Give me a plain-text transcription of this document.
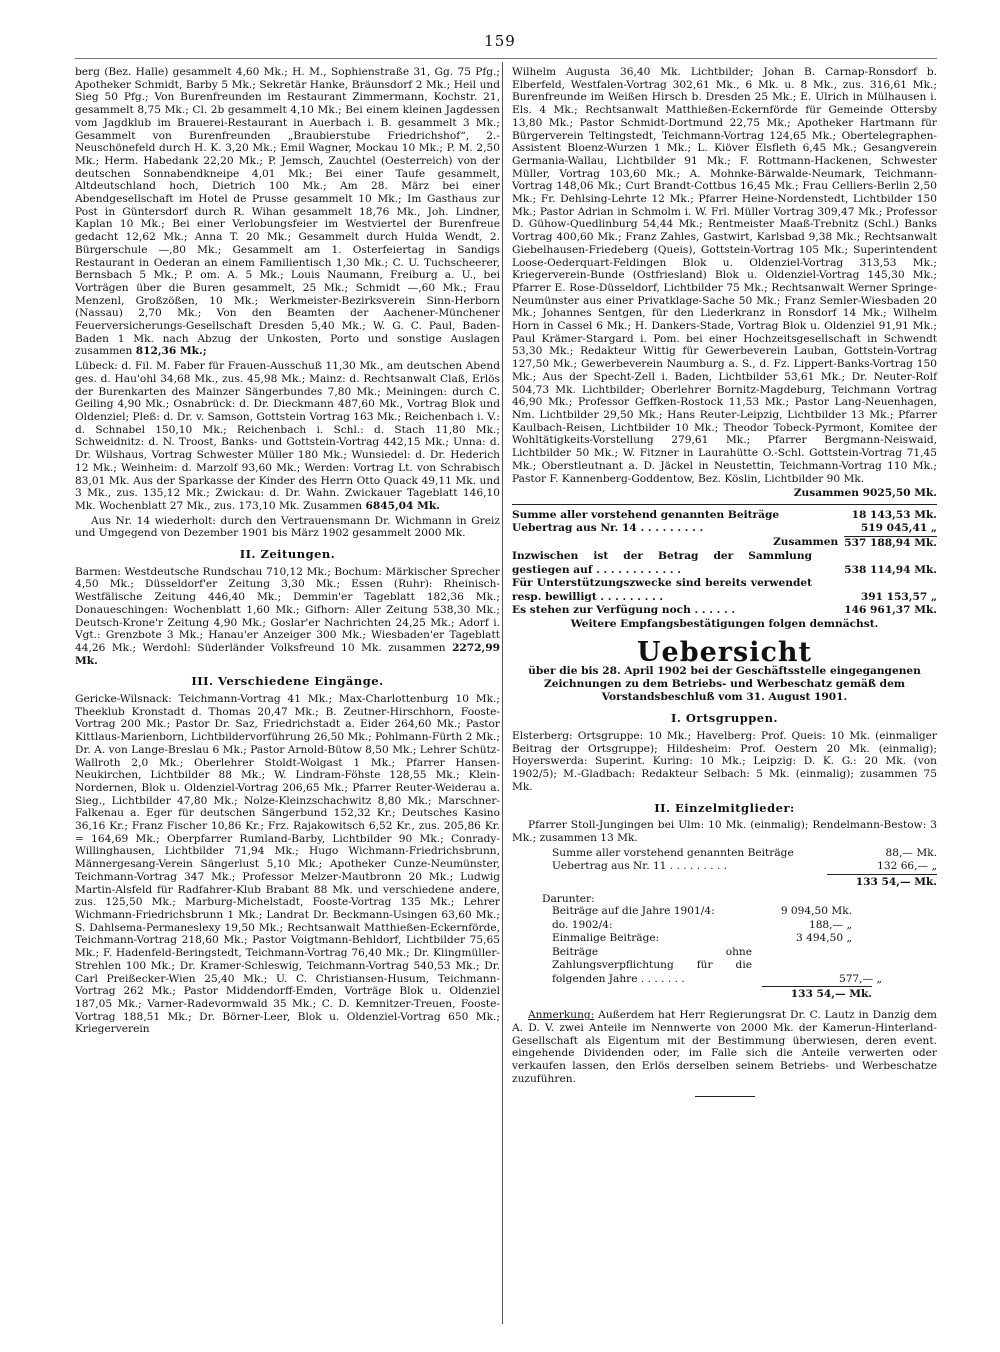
159

berg (Bez. Halle) gesammelt 4,60 Mk.; H. M., Sophienstraße 31, Gg. 75 Pfg.; Apotheker Schmidt, Barby 5 Mk.; Sekretär Hanke, Bräunsdorf 2 Mk.; Heil und Sieg 50 Pfg.; Von Burenfreunden im Restaurant Zimmermann, Kochstr. 21, gesammelt 8,75 Mk.; Cl. 2b gesammelt 4,10 Mk.; Bei einem kleinen Jagdessen vom Jagdklub im Brauerei-Restaurant in Auerbach i. B. gesammelt 3 Mk.; Gesammelt von Burenfreunden „Braubierstube Friedrichshof“, 2.-Neuschönefeld durch H. K. 3,20 Mk.; Emil Wagner, Mockau 10 Mk.; P. M. 2,50 Mk.; Herm. Habedank 22,20 Mk.; P. Jemsch, Zauchtel (Oesterreich) von der deutschen Sonnabendkneipe 4,01 Mk.; Bei einer Taufe gesammelt, Altdeutschland hoch, Dietrich 100 Mk.; Am 28. März bei einer Abendgesellschaft im Hotel de Prusse gesammelt 10 Mk.; Im Gasthaus zur Post in Güntersdorf durch R. Wihan gesammelt 18,76 Mk., Joh. Lindner, Kaplan 10 Mk.; Bei einer Verlobungsfeier im Westviertel der Burenfreue gedacht 12,62 Mk.; Anna T. 20 Mk.; Gesammelt durch Hulda Wendt, 2. Bürgerschule —,80 Mk.; Gesammelt am 1. Osterfeiertag in Sandigs Restaurant in Oederan an einem Familientisch 1,30 Mk.; C. U. Tuchscheerer, Bernsbach 5 Mk.; P. om. A. 5 Mk.; Louis Naumann, Freiburg a. U., bei Vorträgen über die Buren gesammelt, 25 Mk.; Schmidt —,60 Mk.; Frau Menzenl, Großzößen, 10 Mk.; Werkmeister-Bezirksverein Sinn-Herborn (Nassau) 2,70 Mk.; Von den Beamten der Aachener-Münchener Feuerversicherungs-Gesellschaft Dresden 5,40 Mk.; W. G. C. Paul, Baden-Baden 1 Mk. nach Abzug der Unkosten, Porto und sonstige Auslagen zusammen 812,36 Mk.;

Lübeck: d. Fil. M. Faber für Frauen-Ausschuß 11,30 Mk., am deutschen Abend ges. d. Hau'ohl 34,68 Mk., zus. 45,98 Mk.; Mainz: d. Rechtsanwalt Claß, Erlös der Burenkarten des Mainzer Sängerbundes 7,80 Mk.; Meiningen: durch C. Geiling 4,90 Mk.; Osnabrück: d. Dr. Dieckmann 487,60 Mk., Vortrag Blok und Oldenziel; Pleß: d. Dr. v. Samson, Gottstein Vortrag 163 Mk.; Reichenbach i. V.: d. Schnabel 150,10 Mk.; Reichenbach i. Schl.: d. Stach 11,80 Mk.; Schweidnitz: d. N. Troost, Banks- und Gottstein-Vortrag 442,15 Mk.; Unna: d. Dr. Wilshaus, Vortrag Schwester Müller 180 Mk.; Wunsiedel: d. Dr. Hederich 12 Mk.; Weinheim: d. Marzolf 93,60 Mk.; Werden: Vortrag Lt. von Schrabisch 83,01 Mk. Aus der Sparkasse der Kinder des Herrn Otto Quack 49,11 Mk. und 3 Mk., zus. 135,12 Mk.; Zwickau: d. Dr. Wahn. Zwickauer Tageblatt 146,10 Mk. Wochenblatt 27 Mk., zus. 173,10 Mk. Zusammen 6845,04 Mk.

Aus Nr. 14 wiederholt: durch den Vertrauensmann Dr. Wichmann in Greiz und Umgegend von Dezember 1901 bis März 1902 gesammelt 2000 Mk.

II. Zeitungen.

Barmen: Westdeutsche Rundschau 710,12 Mk.; Bochum: Märkischer Sprecher 4,50 Mk.; Düsseldorf'er Zeitung 3,30 Mk.; Essen (Ruhr): Rheinisch-Westfälische Zeitung 446,40 Mk.; Demmin'er Tageblatt 182,36 Mk.; Donaueschingen: Wochenblatt 1,60 Mk.; Gifhorn: Aller Zeitung 538,30 Mk.; Deutsch-Krone'r Zeitung 4,90 Mk.; Goslar'er Nachrichten 24,25 Mk.; Adorf i. Vgt.: Grenzbote 3 Mk.; Hanau'er Anzeiger 300 Mk.; Wiesbaden'er Tageblatt 44,26 Mk.; Werdohl: Süderländer Volksfreund 10 Mk. zusammen 2272,99 Mk.

III. Verschiedene Eingänge.

Gericke-Wilsnack: Teichmann-Vortrag 41 Mk.; Max-Charlottenburg 10 Mk.; Theeklub Kronstadt d. Thomas 20,47 Mk.; B. Zeutner-Hirschhorn, Fooste-Vortrag 200 Mk.; Pastor Dr. Saz, Friedrichstadt a. Eider 264,60 Mk.; Pastor Kittlaus-Marienborn, Lichtbildervorführung 26,50 Mk.; Pohlmann-Fürth 2 Mk.; Dr. A. von Lange-Breslau 6 Mk.; Pastor Arnold-Bütow 8,50 Mk.; Lehrer Schütz-Wallroth 2,0 Mk.; Oberlehrer Stoldt-Wolgast 1 Mk.; Pfarrer Hansen-Neukirchen, Lichtbilder 88 Mk.; W. Lindram-Föhste 128,55 Mk.; Klein-Nordernen, Blok u. Oldenziel-Vortrag 206,65 Mk.; Pfarrer Reuter-Weiderau a. Sieg., Lichtbilder 47,80 Mk.; Nolze-Kleinzschachwitz 8,80 Mk.; Marschner-Falkenau a. Eger für deutschen Sängerbund 152,32 Kr.; Deutsches Kasino 36,16 Kr.; Franz Fischer 10,86 Kr.; Frz. Rajakowitsch 6,52 Kr., zus. 205,86 Kr. = 164,69 Mk.; Oberpfarrer Rumland-Barby, Lichtbilder 90 Mk.; Conrady-Willinghausen, Lichtbilder 71,94 Mk.; Hugo Wichmann-Friedrichsbrunn, Männergesang-Verein Sängerlust 5,10 Mk.; Apotheker Cunze-Neumünster, Teichmann-Vortrag 347 Mk.; Professor Melzer-Mautbronn 20 Mk.; Ludwig Martin-Alsfeld für Radfahrer-Klub Brabant 88 Mk. und verschiedene andere, zus. 125,50 Mk.; Marburg-Michelstadt, Fooste-Vortrag 135 Mk.; Lehrer Wichmann-Friedrichsbrunn 1 Mk.; Landrat Dr. Beckmann-Usingen 63,60 Mk.; S. Dahlsema-Permaneslexy 19,50 Mk.; Rechtsanwalt Matthießen-Eckernförde, Teichmann-Vortrag 218,60 Mk.; Pastor Voigtmann-Behldorf, Lichtbilder 75,65 Mk.; F. Hadenfeld-Beringstedt, Teichmann-Vortrag 76,40 Mk.; Dr. Klingmüller-Strehlen 100 Mk.; Dr. Kramer-Schleswig, Teichmann-Vortrag 540,53 Mk.; Dr. Carl Preißecker-Wien 25,40 Mk.; U. C. Christiansen-Husum, Teichmann-Vortrag 262 Mk.; Pastor Middendorff-Emden, Vorträge Blok u. Oldenziel 187,05 Mk.; Varner-Radevormwald 35 Mk.; C. D. Kemnitzer-Treuen, Fooste-Vortrag 188,51 Mk.; Dr. Börner-Leer, Blok u. Oldenziel-Vortrag 650 Mk.; Kriegerverein

Wilhelm Augusta 36,40 Mk. Lichtbilder; Johan B. Carnap-Ronsdorf b. Elberfeld, Westfalen-Vortrag 302,61 Mk., 6 Mk. u. 8 Mk., zus. 316,61 Mk.; Burenfreunde im Weißen Hirsch b. Dresden 25 Mk.; E. Ulrich in Mülhausen i. Els. 4 Mk.; Rechtsanwalt Matthießen-Eckernförde für Gemeinde Ottersby 13,80 Mk.; Pastor Schmidt-Dortmund 22,75 Mk.; Apotheker Hartmann für Bürgerverein Teltingstedt, Teichmann-Vortrag 124,65 Mk.; Obertelegraphen-Assistent Bloenz-Wurzen 1 Mk.; L. Kiöver Elsfleth 6,45 Mk.; Gesangverein Germania-Wallau, Lichtbilder 91 Mk.; F. Rottmann-Hackenen, Schwester Müller, Vortrag 103,60 Mk.; A. Mohnke-Bärwalde-Neumark, Teichmann-Vortrag 148,06 Mk.; Curt Brandt-Cottbus 16,45 Mk.; Frau Celliers-Berlin 2,50 Mk.; Fr. Dehlsing-Lehrte 12 Mk.; Pfarrer Heine-Nordenstedt, Lichtbilder 150 Mk.; Pastor Adrian in Schmolm i. W. Frl. Müller Vortrag 309,47 Mk.; Professor D. Gühow-Quedlinburg 54,44 Mk.; Rentmeister Maaß-Trebnitz (Schl.) Banks Vortrag 400,60 Mk.; Franz Zahles, Gastwirt, Karlsbad 9,38 Mk.; Rechtsanwalt Giebelhausen-Friedeberg (Queis), Gottstein-Vortrag 105 Mk.; Superintendent Loose-Oederquart-Feldingen Blok u. Oldenziel-Vortrag 313,53 Mk.; Kriegerverein-Bunde (Ostfriesland) Blok u. Oldenziel-Vortrag 145,30 Mk.; Pfarrer E. Rose-Düsseldorf, Lichtbilder 75 Mk.; Rechtsanwalt Werner Springe-Neumünster aus einer Privatklage-Sache 50 Mk.; Franz Semler-Wiesbaden 20 Mk.; Johannes Sentgen, für den Liederkranz in Ronsdorf 14 Mk.; Wilhelm Horn in Cassel 6 Mk.; H. Dankers-Stade, Vortrag Blok u. Oldenziel 91,91 Mk.; Paul Krämer-Stargard i. Pom. bei einer Hochzeitsgesellschaft in Schwendt 53,30 Mk.; Redakteur Wittig für Gewerbeverein Lauban, Gottstein-Vortrag 127,50 Mk.; Gewerbeverein Naumburg a. S., d. Fz. Lippert-Banks-Vortrag 150 Mk.; Aus der Specht-Zell i. Baden, Lichtbilder 53,61 Mk.; Dr. Neuter-Rolf 504,73 Mk. Lichtbilder; Oberlehrer Bornitz-Magdeburg, Teichmann Vortrag 46,90 Mk.; Professor Geffken-Rostock 11,53 Mk.; Pastor Lang-Neuenhagen, Nm. Lichtbilder 29,50 Mk.; Hans Reuter-Leipzig, Lichtbilder 13 Mk.; Pfarrer Kaulbach-Reisen, Lichtbilder 10 Mk.; Theodor Tobeck-Pyrmont, Komitee der Wohltätigkeits-Vorstellung 279,61 Mk.; Pfarrer Bergmann-Neiswaid, Lichtbilder 50 Mk.; W. Fitzner in Laurahütte O.-Schl. Gottstein-Vortrag 71,45 Mk.; Oberstleutnant a. D. Jäckel in Neustettin, Teichmann-Vortrag 110 Mk.; Pastor F. Kannenberg-Goddentow, Bez. Köslin, Lichtbilder 90 Mk.

Zusammen 9025,50 Mk.
Summe aller vorstehend genannten Beiträge	18 143,53 Mk.
Uebertrag aus Nr. 14 . . . . . . . . .	519 045,41 „
Zusammen 537 188,94 Mk.
Inzwischen ist der Betrag der Sammlung gestiegen auf . . . . . . . . . . . .	538 114,94 Mk.
Für Unterstützungszwecke sind bereits verwendet resp. bewilligt . . . . . . . . .	391 153,57 „
Es stehen zur Verfügung noch . . . . . .	146 961,37 Mk.
Weitere Empfangsbestätigungen folgen demnächst.
Uebersicht
über die bis 28. April 1902 bei der Geschäftsstelle eingegangenen Zeichnungen zu dem Betriebs- und Werbeschatz gemäß dem Vorstandsbeschluß vom 31. August 1901.
I. Ortsgruppen.

Elsterberg: Ortsgruppe: 10 Mk.; Havelberg: Prof. Queis: 10 Mk. (einmaliger Beitrag der Ortsgruppe); Hildesheim: Prof. Oestern 20 Mk. (einmalig); Hoyerswerda: Superint. Kuring: 10 Mk.; Leipzig: D. K. G.: 20 Mk. (von 1902/5); M.-Gladbach: Redakteur Selbach: 5 Mk. (einmalig); zusammen 75 Mk.

II. Einzelmitglieder:

Pfarrer Stoll-Jungingen bei Ulm: 10 Mk. (einmalig); Rendelmann-Bestow: 3 Mk.; zusammen 13 Mk.

Summe aller vorstehend genannten Beiträge	88,— Mk.
Uebertrag aus Nr. 11 . . . . . . . . .	132 66,— „
133 54,— Mk.
Darunter:
Beiträge auf die Jahre 1901/4:	9 094,50 Mk.
do. 1902/4:	188,— „
Einmalige Beiträge:	3 494,50 „
Beiträge ohne Zahlungsverpflichtung für die folgenden Jahre . . . . . . .	577,— „
133 54,— Mk.

Anmerkung: Außerdem hat Herr Regierungsrat Dr. C. Lautz in Danzig dem A. D. V. zwei Anteile im Nennwerte von 2000 Mk. der Kamerun-Hinterland-Gesellschaft als Eigentum mit der Bestimmung überwiesen, deren event. eingehende Dividenden oder, im Falle sich die Anteile verwerten oder verkaufen lassen, den Erlös derselben seinem Betriebs- und Werbeschatze zuzuführen.
